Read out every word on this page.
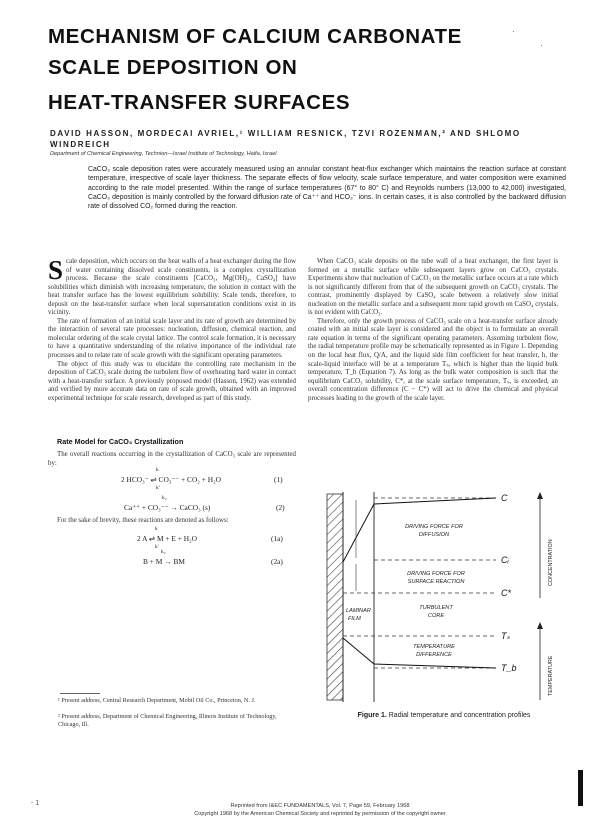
MECHANISM OF CALCIUM CARBONATE
SCALE DEPOSITION ON
HEAT-TRANSFER SURFACES
·
·
DAVID HASSON, MORDECAI AVRIEL,¹ WILLIAM RESNICK, TZVI ROZENMAN,² AND SHLOMO WINDREICH
Department of Chemical Engineering, Technion—Israel Institute of Technology, Haifa, Israel

CaCO₃ scale deposition rates were accurately measured using an annular constant heat-flux exchanger which maintains the reaction surface at constant temperature, irrespective of scale layer thickness. The separate effects of flow velocity, scale surface temperature, and water composition were examined according to the rate model presented. Within the range of surface temperatures (67° to 80° C) and Reynolds numbers (13,000 to 42,000) investigated, CaCO₃ deposition is mainly controlled by the forward diffusion rate of Ca⁺⁺ and HCO₃⁻ ions. In certain cases, it is also controlled by the backward diffusion rate of dissolved CO₂ formed during the reaction.

Scale deposition, which occurs on the heat walls of a heat exchanger during the flow of water containing dissolved scale constituents, is a complex crystallization process. Because the scale constituents [CaCO₃, Mg(OH)₂, CaSO₄] have solubilities which diminish with increasing temperature, the solution in contact with the heat transfer surface has the lowest equilibrium solubility. Scale tends, therefore, to deposit on the heat-transfer surface when local supersaturation conditions exist in its vicinity.

The rate of formation of an initial scale layer and its rate of growth are determined by the interaction of several rate processes: nucleation, diffusion, chemical reaction, and molecular ordering of the scale crystal lattice. The control scale formation, it is necessary to have a quantitative understanding of the relative importance of the individual rate processes and to relate rate of scale growth with the significant operating parameters.

The object of this study was to elucidate the controlling rate mechanism in the deposition of CaCO₃ scale during the turbulent flow of overheating hard water in contact with a heat-transfer surface. A previously proposed model (Hasson, 1962) was extended and verified by more accurate data on rate of scale growth, obtained with an improved experimental technique for scale research, developed as part of this study.

Rate Model for CaCO₃ Crystallization
The overall reactions occurring in the crystallization of CaCO₃ scale are represented by:
2 HCO₃⁻ ⇌ CO₃⁻⁻ + CO₂ + H₂O
k
k'
(1)
Ca⁺⁺ + CO₃⁻⁻ → CaCO₃ (s)
k₂
(2)
For the sake of brevity, these reactions are denoted as follows:
2 A ⇌ M + E + H₂O
k
k'
(1a)
B + M → BM
k₂
(2a)
¹ Present address, Central Research Department, Mobil Oil Co., Princeton, N. J.
² Present address, Department of Chemical Engineering, Illinois Institute of Technology, Chicago, Ill.

When CaCO₃ scale deposits on the tube wall of a heat exchanger, the first layer is formed on a metallic surface while subsequent layers grow on CaCO₃ crystals. Experiments show that nucleation of CaCO₃ on the metallic surface occurs at a rate which is not significantly different from that of the subsequent growth on CaCO₃ crystals. The contrast, prominently displayed by CaSO₄ scale between a relatively slow initial nucleation on the metallic surface and a subsequent more rapid growth on CaSO₄ crystals, is not evident with CaCO₃.

Therefore, only the growth process of CaCO₃ scale on a heat-transfer surface already coated with an initial scale layer is considered and the object is to formulate an overall rate equation in terms of the significant operating parameters. Assuming turbulent flow, the radial temperature profile may be schematically represented as in Figure 1. Depending on the local heat flux, Q/A, and the liquid side film coefficient for heat transfer, h, the scale-liquid interface will be at a temperature Tₛ, which is higher than the liquid bulk temperature, T_b (Equation 7). As long as the bulk water composition is such that the equilibrium CaCO₃ solubility, C*, at the scale surface temperature, Tₛ, is exceeded, an overall concentration difference (C − C*) will act to drive the chemical and physical processes leading to the growth of the scale layer.

C
Cᵢ
C*
Tₛ
T_b
DRIVING FORCE FOR
DIFFUSION
DRIVING FORCE FOR
SURFACE REACTION
LAMINAR
FILM
TURBULENT
CORE
TEMPERATURE
DIFFERENCE
CONCENTRATION
TEMPERATURE
Figure 1. Radial temperature and concentration profiles
Reprinted from I&EC FUNDAMENTALS, Vol. 7, Page 59, February 1968
Copyright 1968 by the American Chemical Society and reprinted by permission of the copyright owner
- 1
